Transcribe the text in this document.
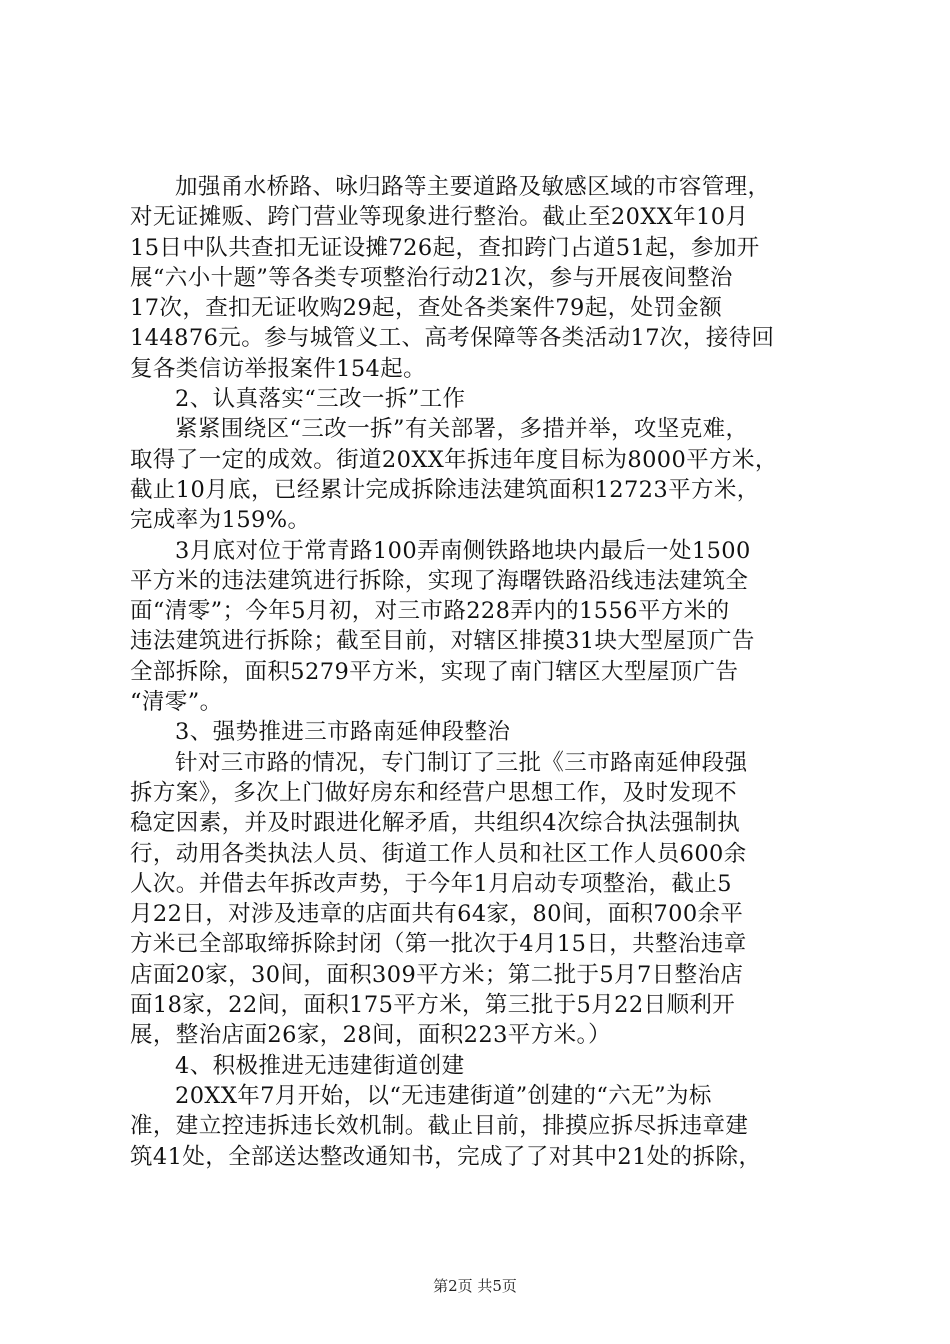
加强甬水桥路、咏归路等主要道路及敏感区域的市容管理，
对无证摊贩、跨门营业等现象进行整治。截止至20XX年10月
15日中队共查扣无证设摊726起，查扣跨门占道51起，参加开
展“六小十题”等各类专项整治行动21次，参与开展夜间整治
17次，查扣无证收购29起，查处各类案件79起，处罚金额
144876元。参与城管义工、高考保障等各类活动17次，接待回
复各类信访举报案件154起。
2、认真落实“三改一拆”工作
紧紧围绕区“三改一拆”有关部署，多措并举，攻坚克难，
取得了一定的成效。街道20XX年拆违年度目标为8000平方米，
截止10月底，已经累计完成拆除违法建筑面积12723平方米，
完成率为159%。
3月底对位于常青路100弄南侧铁路地块内最后一处1500
平方米的违法建筑进行拆除，实现了海曙铁路沿线违法建筑全
面“清零”；今年5月初，对三市路228弄内的1556平方米的
违法建筑进行拆除；截至目前，对辖区排摸31块大型屋顶广告
全部拆除，面积5279平方米，实现了南门辖区大型屋顶广告
“清零”。
3、强势推进三市路南延伸段整治
针对三市路的情况，专门制订了三批《三市路南延伸段强
拆方案》，多次上门做好房东和经营户思想工作，及时发现不
稳定因素，并及时跟进化解矛盾，共组织4次综合执法强制执
行，动用各类执法人员、街道工作人员和社区工作人员600余
人次。并借去年拆改声势，于今年1月启动专项整治，截止5
月22日，对涉及违章的店面共有64家，80间，面积700余平
方米已全部取缔拆除封闭（第一批次于4月15日，共整治违章
店面20家，30间，面积309平方米；第二批于5月7日整治店
面18家，22间，面积175平方米，第三批于5月22日顺利开
展，整治店面26家，28间，面积223平方米。）
4、积极推进无违建街道创建
20XX年7月开始，以“无违建街道”创建的“六无”为标
准，建立控违拆违长效机制。截止目前，排摸应拆尽拆违章建
筑41处，全部送达整改通知书，完成了了对其中21处的拆除，
第2页 共5页
